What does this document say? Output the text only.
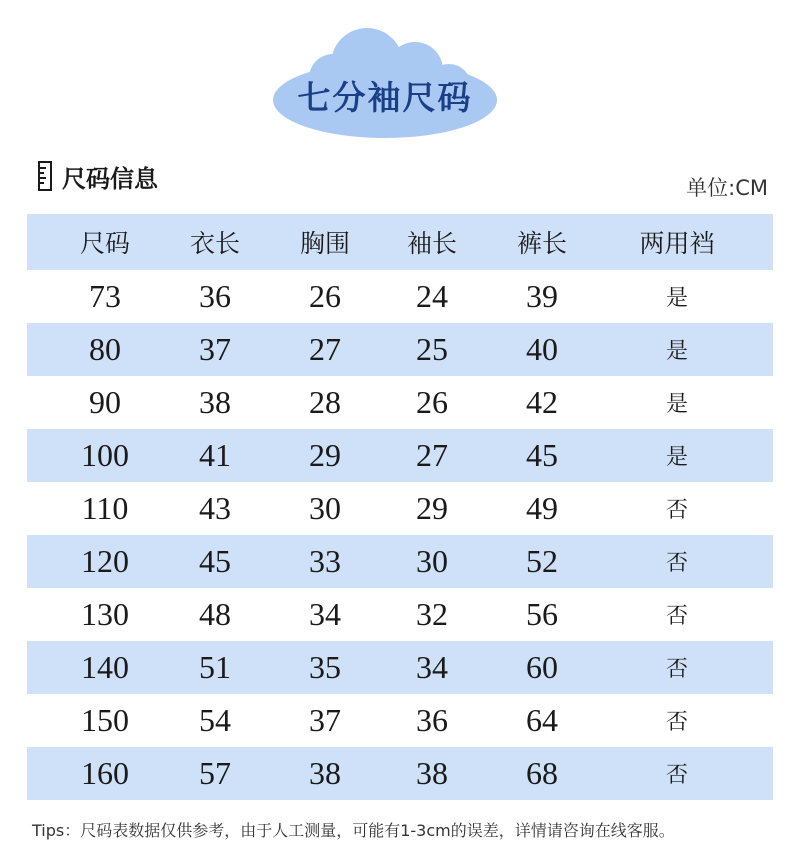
七分袖尺码
尺码信息	单位:CM
尺码	衣长	胸围	袖长	裤长	两用裆
73	36	26	24	39	是
80	37	27	25	40	是
90	38	28	26	42	是
100	41	29	27	45	是
110	43	30	29	49	否
120	45	33	30	52	否
130	48	34	32	56	否
140	51	35	34	60	否
150	54	37	36	64	否
160	57	38	38	68	否
Tips：尺码表数据仅供参考，由于人工测量，可能有1-3cm的误差，详情请咨询在线客服。
